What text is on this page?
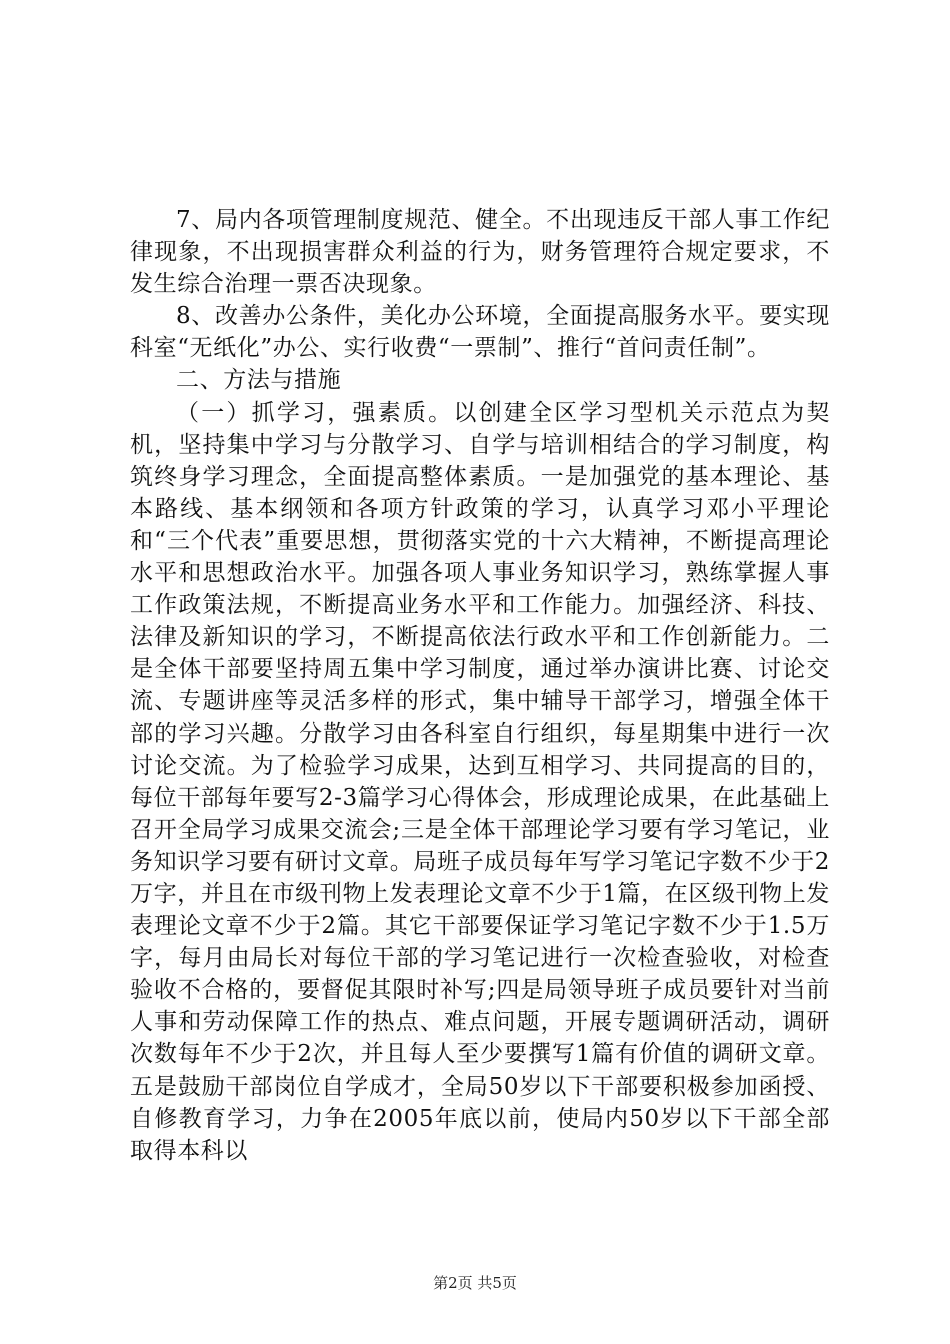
7、局内各项管理制度规范、健全。不出现违反干部人事工作纪律现象，不出现损害群众利益的行为，财务管理符合规定要求，不发生综合治理一票否决现象。

8、改善办公条件，美化办公环境，全面提高服务水平。要实现科室“无纸化”办公、实行收费“一票制”、推行“首问责任制”。

二、方法与措施

（一）抓学习，强素质。以创建全区学习型机关示范点为契机，坚持集中学习与分散学习、自学与培训相结合的学习制度，构筑终身学习理念，全面提高整体素质。一是加强党的基本理论、基本路线、基本纲领和各项方针政策的学习，认真学习邓小平理论和“三个代表”重要思想，贯彻落实党的十六大精神，不断提高理论水平和思想政治水平。加强各项人事业务知识学习，熟练掌握人事工作政策法规，不断提高业务水平和工作能力。加强经济、科技、法律及新知识的学习，不断提高依法行政水平和工作创新能力。二是全体干部要坚持周五集中学习制度，通过举办演讲比赛、讨论交流、专题讲座等灵活多样的形式，集中辅导干部学习，增强全体干部的学习兴趣。分散学习由各科室自行组织，每星期集中进行一次讨论交流。为了检验学习成果，达到互相学习、共同提高的目的，每位干部每年要写2-3篇学习心得体会，形成理论成果，在此基础上召开全局学习成果交流会;三是全体干部理论学习要有学习笔记，业务知识学习要有研讨文章。局班子成员每年写学习笔记字数不少于2万字，并且在市级刊物上发表理论文章不少于1篇，在区级刊物上发表理论文章不少于2篇。其它干部要保证学习笔记字数不少于1.5万字，每月由局长对每位干部的学习笔记进行一次检查验收，对检查验收不合格的，要督促其限时补写;四是局领导班子成员要针对当前人事和劳动保障工作的热点、难点问题，开展专题调研活动，调研次数每年不少于2次，并且每人至少要撰写1篇有价值的调研文章。五是鼓励干部岗位自学成才，全局50岁以下干部要积极参加函授、自修教育学习，力争在2005年底以前，使局内50岁以下干部全部取得本科以

第2页 共5页
